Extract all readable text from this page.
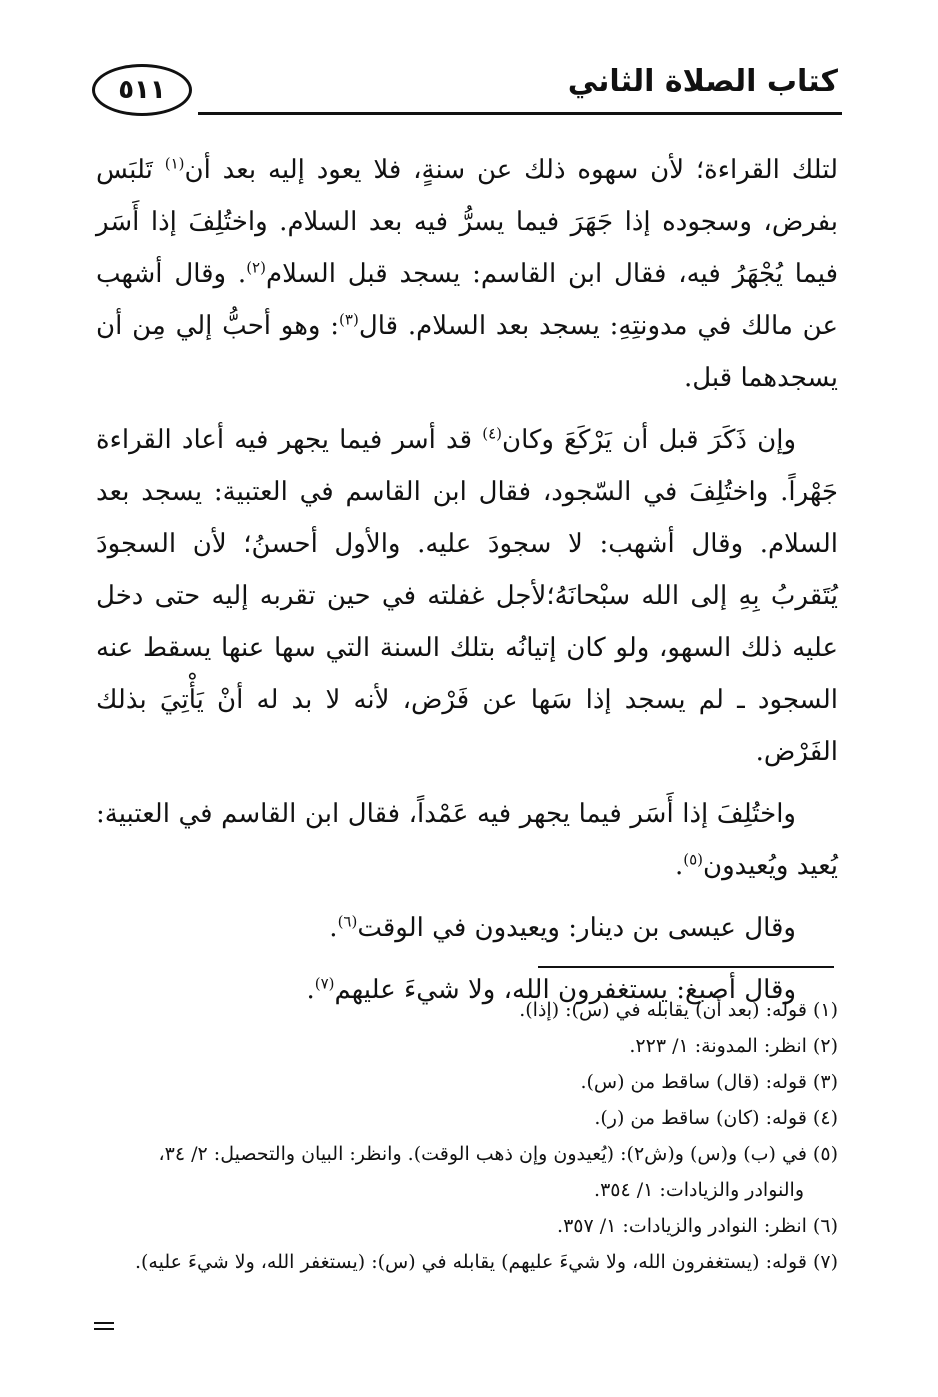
٥١١	كتاب الصلاة الثاني

لتلك القراءة؛ لأن سهوه ذلك عن سنةٍ، فلا يعود إليه بعد أن$^{(١)}$ تَلبَس بفرض، وسجوده إذا جَهَرَ فيما يسرُّ فيه بعد السلام. واختُلِفَ إذا أَسَر فيما يُجْهَرُ فيه، فقال ابن القاسم: يسجد قبل السلام$^{(٢)}$. وقال أشهب عن مالك في مدونتِهِ: يسجد بعد السلام. قال$^{(٣)}$: وهو أحبُّ إلي مِن أن يسجدهما قبل.

وإن ذَكَرَ قبل أن يَرْكَعَ وكان$^{(٤)}$ قد أسر فيما يجهر فيه أعاد القراءة جَهْراً. واختُلِفَ في السّجود، فقال ابن القاسم في العتبية: يسجد بعد السلام. وقال أشهب: لا سجودَ عليه. والأول أحسنُ؛ لأن السجودَ يُتَقربُ بِهِ إلى الله سبْحانَهُ؛لأجل غفلته في حين تقربه إليه حتى دخل عليه ذلك السهو، ولو كان إتيانُه بتلك السنة التي سها عنها يسقط عنه السجود ـ لم يسجد إذا سَها عن فَرْض، لأنه لا بد له أنْ يَأْتِيَ بذلك الفَرْض.

واختُلِفَ إذا أَسَر فيما يجهر فيه عَمْداً، فقال ابن القاسم في العتبية: يُعيد ويُعيدون$^{(٥)}$.

وقال عيسى بن دينار: ويعيدون في الوقت$^{(٦)}$.

وقال أصبغ: يستغفرون الله، ولا شيءَ عليهم$^{(٧)}$.

(١) قوله: (بعد أن) يقابله في (س): (إذا).

(٢) انظر: المدونة: ١/ ٢٢٣.

(٣) قوله: (قال) ساقط من (س).

(٤) قوله: (كان) ساقط من (ر).

(٥) في (ب) و(س) و(ش٢): (يُعيدون وإن ذهب الوقت). وانظر: البيان والتحصيل: ٢/ ٣٤،

والنوادر والزيادات: ١/ ٣٥٤.

(٦) انظر: النوادر والزيادات: ١/ ٣٥٧.

(٧) قوله: (يستغفرون الله، ولا شيءَ عليهم) يقابله في (س): (يستغفر الله، ولا شيءَ عليه).
